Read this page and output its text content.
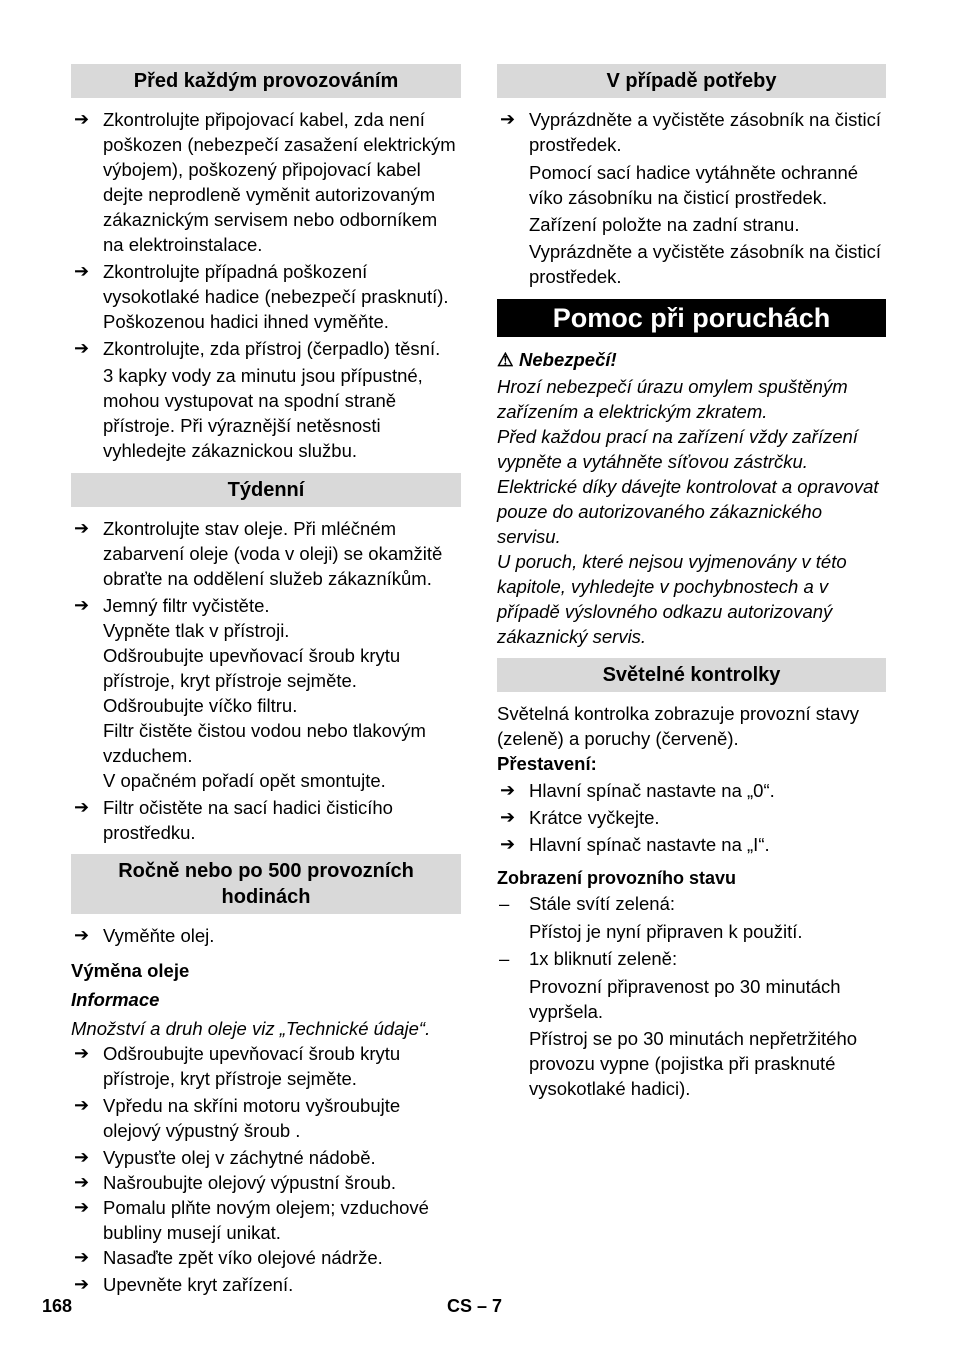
Před každým provozováním
➔ Zkontrolujte připojovací kabel, zda není poškozen (nebezpečí zasažení elektrickým výbojem), poškozený připojovací kabel dejte neprodleně vyměnit autorizovaným zákaznickým servisem nebo odborníkem na elektroinstalace.
➔ Zkontrolujte případná poškození vysokotlaké hadice (nebezpečí prasknutí).
Poškozenou hadici ihned vyměňte.
➔ Zkontrolujte, zda přístroj (čerpadlo) těsní.
3 kapky vody za minutu jsou přípustné, mohou vystupovat na spodní straně přístroje. Při výraznější netěsnosti vyhledejte zákaznickou službu.
Týdenní
➔ Zkontrolujte stav oleje. Při mléčném zabarvení oleje (voda v oleji) se okamžitě obraťte na oddělení služeb zákazníkům.
➔ Jemný filtr vyčistěte.
Vypněte tlak v přístroji.
Odšroubujte upevňovací šroub krytu přístroje, kryt přístroje sejměte.
Odšroubujte víčko filtru.
Filtr čistěte čistou vodou nebo tlakovým vzduchem.
V opačném pořadí opět smontujte.
➔ Filtr očistěte na sací hadici čisticího prostředku.
Ročně nebo po 500 provozních hodinách
➔ Vyměňte olej.
Výměna oleje
Informace
Množství a druh oleje viz „Technické údaje“.
➔ Odšroubujte upevňovací šroub krytu přístroje, kryt přístroje sejměte.
➔ Vpředu na skříni motoru vyšroubujte olejový výpustný šroub .
➔ Vypusťte olej v záchytné nádobě.
➔ Našroubujte olejový výpustní šroub.
➔ Pomalu plňte novým olejem; vzduchové bubliny musejí unikat.
➔ Nasaďte zpět víko olejové nádrže.
➔ Upevněte kryt zařízení.
V případě potřeby
➔ Vyprázdněte a vyčistěte zásobník na čisticí prostředek.
Pomocí sací hadice vytáhněte ochranné víko zásobníku na čisticí prostředek.
Zařízení položte na zadní stranu.
Vyprázdněte a vyčistěte zásobník na čisticí prostředek.
Pomoc při poruchách
⚠ Nebezpečí!
Hrozí nebezpečí úrazu omylem spuštěným zařízením a elektrickým zkratem.
Před každou prací na zařízení vždy zařízení vypněte a vytáhněte síťovou zástrčku.
Elektrické díky dávejte kontrolovat a opravovat pouze do autorizovaného zákaznického servisu.
U poruch, které nejsou vyjmenovány v této kapitole, vyhledejte v pochybnostech a v případě výslovného odkazu autorizovaný zákaznický servis.
Světelné kontrolky
Světelná kontrolka zobrazuje provozní stavy (zeleně) a poruchy (červeně).
Přestavení:
➔ Hlavní spínač nastavte na „0“.
➔ Krátce vyčkejte.
➔ Hlavní spínač nastavte na „I“.
Zobrazení provozního stavu
– Stále svítí zelená:
Přístoj je nyní připraven k použití.
– 1x bliknutí zeleně:
Provozní připravenost po 30 minutách vypršela.
Přístroj se po 30 minutách nepřetržitého provozu vypne (pojistka při prasknuté vysokotlaké hadici).
168	CS – 7
